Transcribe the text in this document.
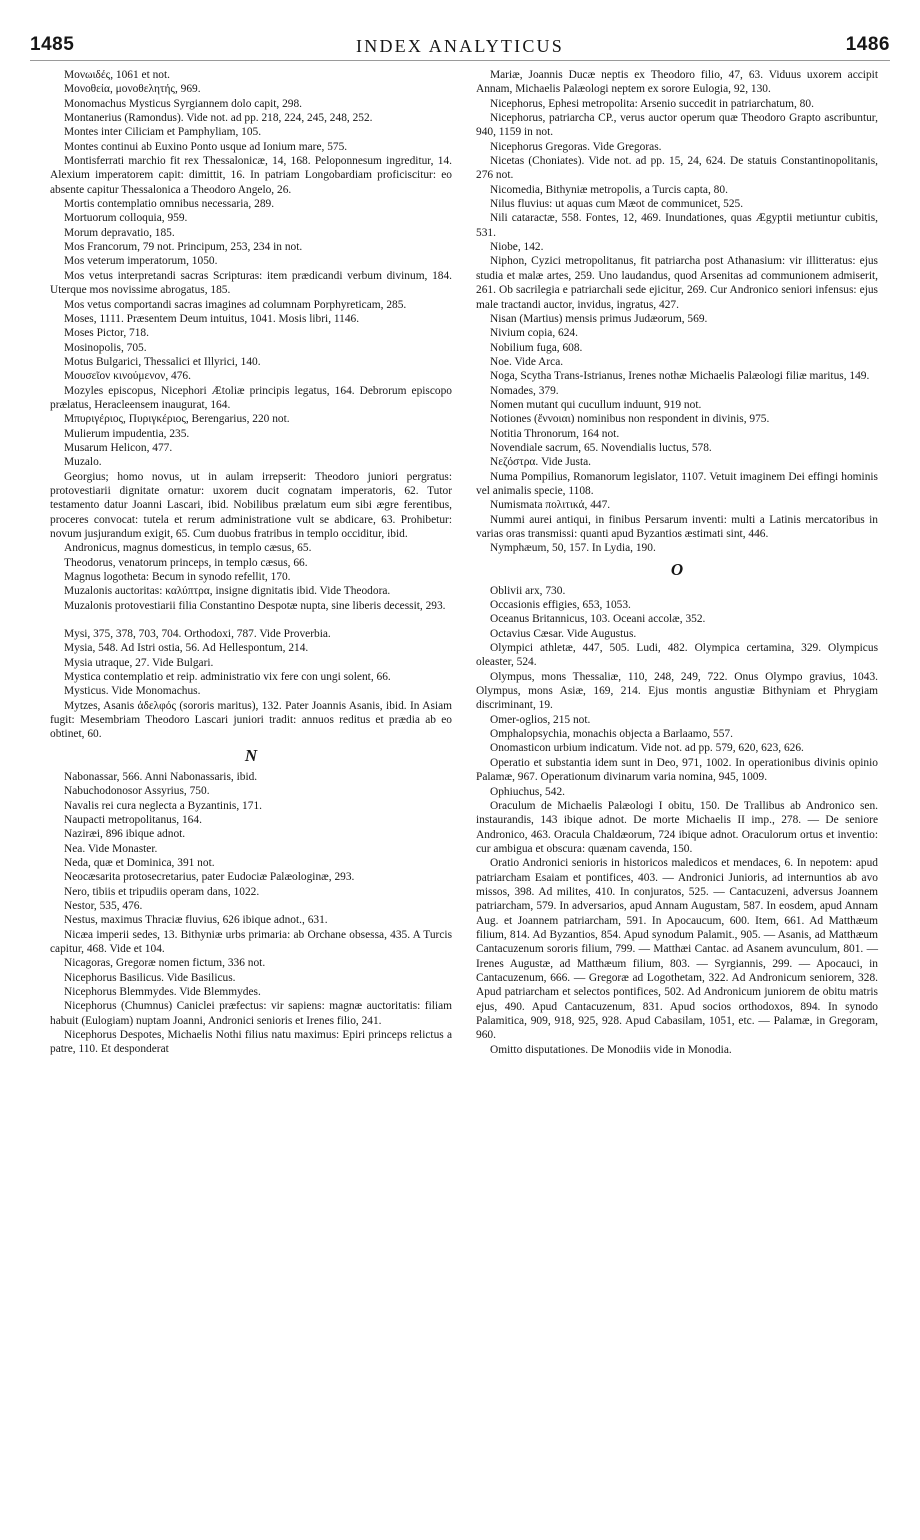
1485	INDEX ANALYTICUS	1486

Μονωιδές, 1061 et not.

Μονοθεία, μονοθελητής, 969.

Monomachus Mysticus Syrgiannem dolo capit, 298.

Montanerius (Ramondus). Vide not. ad pp. 218, 224, 245, 248, 252.

Montes inter Ciliciam et Pamphyliam, 105.

Montes continui ab Euxino Ponto usque ad Ionium mare, 575.

Montisferrati marchio fit rex Thessalonicæ, 14, 168. Peloponnesum ingreditur, 14. Alexium imperatorem capit: dimittit, 16. In patriam Longobardiam proficiscitur: eo absente capitur Thessalonica a Theodoro Angelo, 26.

Mortis contemplatio omnibus necessaria, 289.

Mortuorum colloquia, 959.

Morum depravatio, 185.

Mos Francorum, 79 not. Principum, 253, 234 in not.

Mos veterum imperatorum, 1050.

Mos vetus interpretandi sacras Scripturas: item prædicandi verbum divinum, 184. Uterque mos novissime abrogatus, 185.

Mos vetus comportandi sacras imagines ad columnam Porphyreticam, 285.

Moses, 1111. Præsentem Deum intuitus, 1041. Mosis libri, 1146.

Moses Pictor, 718.

Mosinopolis, 705.

Motus Bulgarici, Thessalici et Illyrici, 140.

Μουσεῖον κινούμενον, 476.

Mozyles episcopus, Nicephori Ætoliæ principis legatus, 164. Debrorum episcopo prælatus, Heracleensem inaugurat, 164.

Μπυριγέριος, Πυριγκέριος, Berengarius, 220 not.

Mulierum impudentia, 235.

Musarum Helicon, 477.

Muzalo.

Georgius; homo novus, ut in aulam irrepserit: Theodoro juniori pergratus: protovestiarii dignitate ornatur: uxorem ducit cognatam imperatoris, 62. Tutor testamento datur Joanni Lascari, ibid. Nobilibus prælatum eum sibi ægre ferentibus, proceres convocat: tutela et rerum administratione vult se abdicare, 63. Prohibetur: novum jusjurandum exigit, 65. Cum duobus fratribus in templo occiditur, ibid.

Andronicus, magnus domesticus, in templo cæsus, 65.

Theodorus, venatorum princeps, in templo cæsus, 66.

Magnus logotheta: Becum in synodo refellit, 170.

Muzalonis auctoritas: καλύπτρα, insigne dignitatis ibid. Vide Theodora.

Muzalonis protovestiarii filia Constantino Despotæ nupta, sine liberis decessit, 293.

Mysi, 375, 378, 703, 704. Orthodoxi, 787. Vide Proverbia.

Mysia, 548. Ad Istri ostia, 56. Ad Hellespontum, 214.

Mysia utraque, 27. Vide Bulgari.

Mystica contemplatio et reip. administratio vix fere con ungi solent, 66.

Mysticus. Vide Monomachus.

Mytzes, Asanis ἀδελφός (sororis maritus), 132. Pater Joannis Asanis, ibid. In Asiam fugit: Mesembriam Theodoro Lascari juniori tradit: annuos reditus et prædia ab eo obtinet, 60.

N

Nabonassar, 566. Anni Nabonassaris, ibid.

Nabuchodonosor Assyrius, 750.

Navalis rei cura neglecta a Byzantinis, 171.

Naupacti metropolitanus, 164.

Naziræi, 896 ibique adnot.

Nea. Vide Monaster.

Neda, quæ et Dominica, 391 not.

Neocæsarita protosecretarius, pater Eudociæ Palæologinæ, 293.

Nero, tibiis et tripudiis operam dans, 1022.

Nestor, 535, 476.

Nestus, maximus Thraciæ fluvius, 626 ibique adnot., 631.

Nicæa imperii sedes, 13. Bithyniæ urbs primaria: ab Orchane obsessa, 435. A Turcis capitur, 468. Vide et 104.

Nicagoras, Gregoræ nomen fictum, 336 not.

Nicephorus Basilicus. Vide Basilicus.

Nicephorus Blemmydes. Vide Blemmydes.

Nicephorus (Chumnus) Caniclei præfectus: vir sapiens: magnæ auctoritatis: filiam habuit (Eulogiam) nuptam Joanni, Andronici senioris et Irenes filio, 241.

Nicephorus Despotes, Michaelis Nothi filius natu maximus: Epiri princeps relictus a patre, 110. Et desponderat

Mariæ, Joannis Ducæ neptis ex Theodoro filio, 47, 63. Viduus uxorem accipit Annam, Michaelis Palæologi neptem ex sorore Eulogia, 92, 130.

Nicephorus, Ephesi metropolita: Arsenio succedit in patriarchatum, 80.

Nicephorus, patriarcha CP., verus auctor operum quæ Theodoro Grapto ascribuntur, 940, 1159 in not.

Nicephorus Gregoras. Vide Gregoras.

Nicetas (Choniates). Vide not. ad pp. 15, 24, 624. De statuis Constantinopolitanis, 276 not.

Nicomedia, Bithyniæ metropolis, a Turcis capta, 80.

Nilus fluvius: ut aquas cum Mæot de communicet, 525.

Nili cataractæ, 558. Fontes, 12, 469. Inundationes, quas Ægyptii metiuntur cubitis, 531.

Niobe, 142.

Niphon, Cyzici metropolitanus, fit patriarcha post Athanasium: vir illitteratus: ejus studia et malæ artes, 259. Uno laudandus, quod Arsenitas ad communionem admiserit, 261. Ob sacrilegia e patriarchali sede ejicitur, 269. Cur Andronico seniori infensus: ejus male tractandi auctor, invidus, ingratus, 427.

Nisan (Martius) mensis primus Judæorum, 569.

Nivium copia, 624.

Nobilium fuga, 608.

Noe. Vide Arca.

Noga, Scytha Trans-Istrianus, Irenes nothæ Michaelis Palæologi filiæ maritus, 149.

Nomades, 379.

Nomen mutant qui cucullum induunt, 919 not.

Notiones (ἔννοιαι) nominibus non respondent in divinis, 975.

Notitia Thronorum, 164 not.

Novendiale sacrum, 65. Novendialis luctus, 578.

Νεζόστρα. Vide Justa.

Numa Pompilius, Romanorum legislator, 1107. Vetuit imaginem Dei effingi hominis vel animalis specie, 1108.

Numismata πολιτικά, 447.

Nummi aurei antiqui, in finibus Persarum inventi: multi a Latinis mercatoribus in varias oras transmissi: quanti apud Byzantios æstimati sint, 446.

Nymphæum, 50, 157. In Lydia, 190.

O

Oblivii arx, 730.

Occasionis effigies, 653, 1053.

Oceanus Britannicus, 103. Oceani accolæ, 352.

Octavius Cæsar. Vide Augustus.

Olympici athletæ, 447, 505. Ludi, 482. Olympica certamina, 329. Olympicus oleaster, 524.

Olympus, mons Thessaliæ, 110, 248, 249, 722. Onus Olympo gravius, 1043. Olympus, mons Asiæ, 169, 214. Ejus montis angustiæ Bithyniam et Phrygiam discriminant, 19.

Omer-oglios, 215 not.

Omphalopsychia, monachis objecta a Barlaamo, 557.

Onomasticon urbium indicatum. Vide not. ad pp. 579, 620, 623, 626.

Operatio et substantia idem sunt in Deo, 971, 1002. In operationibus divinis opinio Palamæ, 967. Operationum divinarum varia nomina, 945, 1009.

Ophiuchus, 542.

Oraculum de Michaelis Palæologi I obitu, 150. De Trallibus ab Andronico sen. instaurandis, 143 ibique adnot. De morte Michaelis II imp., 278. — De seniore Andronico, 463. Oracula Chaldæorum, 724 ibique adnot. Oraculorum ortus et inventio: cur ambigua et obscura: quænam cavenda, 150.

Oratio Andronici senioris in historicos maledicos et mendaces, 6. In nepotem: apud patriarcham Esaiam et pontifices, 403. — Andronici Junioris, ad internuntios ab avo missos, 398. Ad milites, 410. In conjuratos, 525. — Cantacuzeni, adversus Joannem patriarcham, 579. In adversarios, apud Annam Augustam, 587. In eosdem, apud Annam Aug. et Joannem patriarcham, 591. In Apocaucum, 600. Item, 661. Ad Matthæum filium, 814. Ad Byzantios, 854. Apud synodum Palamit., 905. — Asanis, ad Matthæum Cantacuzenum sororis filium, 799. — Matthæi Cantac. ad Asanem avunculum, 801. — Irenes Augustæ, ad Matthæum filium, 803. — Syrgiannis, 299. — Apocauci, in Cantacuzenum, 666. — Gregoræ ad Logothetam, 322. Ad Andronicum seniorem, 328. Apud patriarcham et selectos pontifices, 502. Ad Andronicum juniorem de obitu matris ejus, 490. Apud Cantacuzenum, 831. Apud socios orthodoxos, 894. In synodo Palamitica, 909, 918, 925, 928. Apud Cabasilam, 1051, etc. — Palamæ, in Gregoram, 960.

Omitto disputationes. De Monodiis vide in Monodia.
